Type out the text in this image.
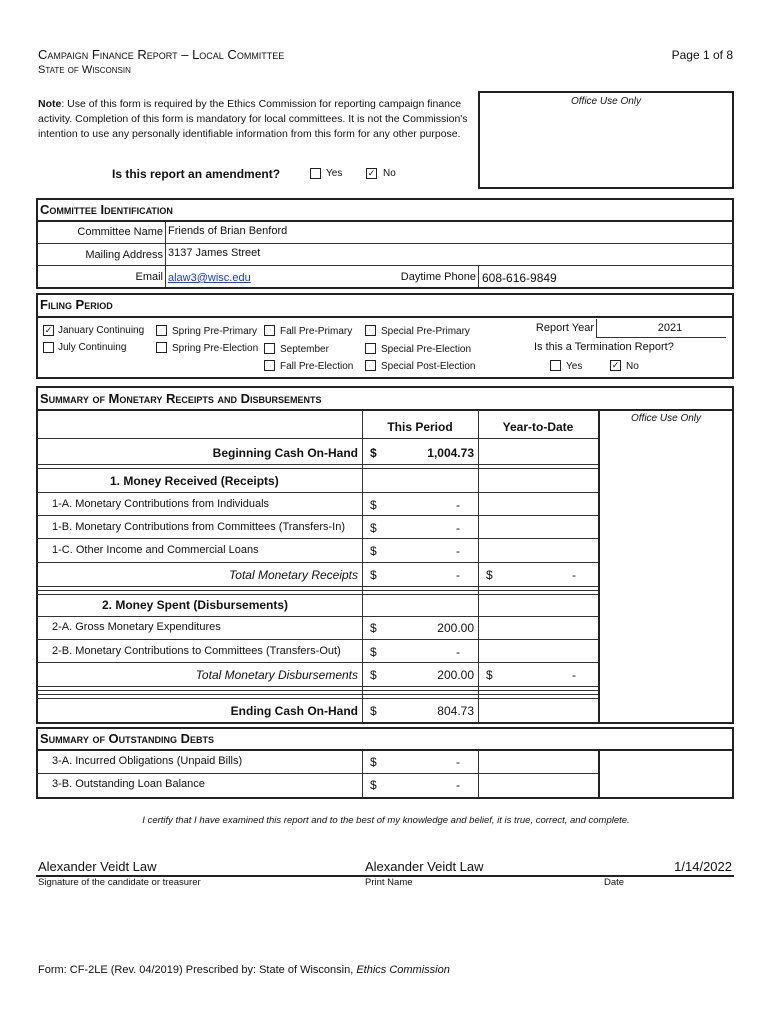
Campaign Finance Report – Local Committee
State of Wisconsin
Page 1 of 8
Note: Use of this form is required by the Ethics Commission for reporting campaign finance activity. Completion of this form is mandatory for local committees. It is not the Commission's intention to use any personally identifiable information from this form for any other purpose.
Office Use Only
Is this report an amendment?	Yes	✓ No
Committee Identification
Committee Name Friends of Brian Benford
Mailing Address 3137 James Street
Email alaw3@wisc.edu	Daytime Phone 608-616-9849
Filing Period
✓ January Continuing
July Continuing
Spring Pre-Primary
Spring Pre-Election
Fall Pre-Primary
September
Fall Pre-Election
Special Pre-Primary
Special Pre-Election
Special Post-Election
Report Year	2021
Is this a Termination Report?
Yes	✓ No
Summary of Monetary Receipts and Disbursements
Office Use Only
This Period	Year-to-Date
Beginning Cash On-Hand $	1,004.73
1. Money Received (Receipts)
1-A. Monetary Contributions from Individuals	$	-
1-B. Monetary Contributions from Committees (Transfers-In) $	-
1-C. Other Income and Commercial Loans	$	-
Total Monetary Receipts $	- $	-
2. Money Spent (Disbursements)
2-A. Gross Monetary Expenditures	$	200.00
2-B. Monetary Contributions to Committees (Transfers-Out) $	-
Total Monetary Disbursements $	200.00 $	-
Ending Cash On-Hand $	804.73
Summary of Outstanding Debts
3-A. Incurred Obligations (Unpaid Bills)	$	-
3-B. Outstanding Loan Balance	$	-
I certify that I have examined this report and to the best of my knowledge and belief, it is true, correct, and complete.
Alexander Veidt Law	Alexander Veidt Law	1/14/2022
Signature of the candidate or treasurer	Print Name	Date
Form: CF-2LE (Rev. 04/2019) Prescribed by: State of Wisconsin, Ethics Commission
